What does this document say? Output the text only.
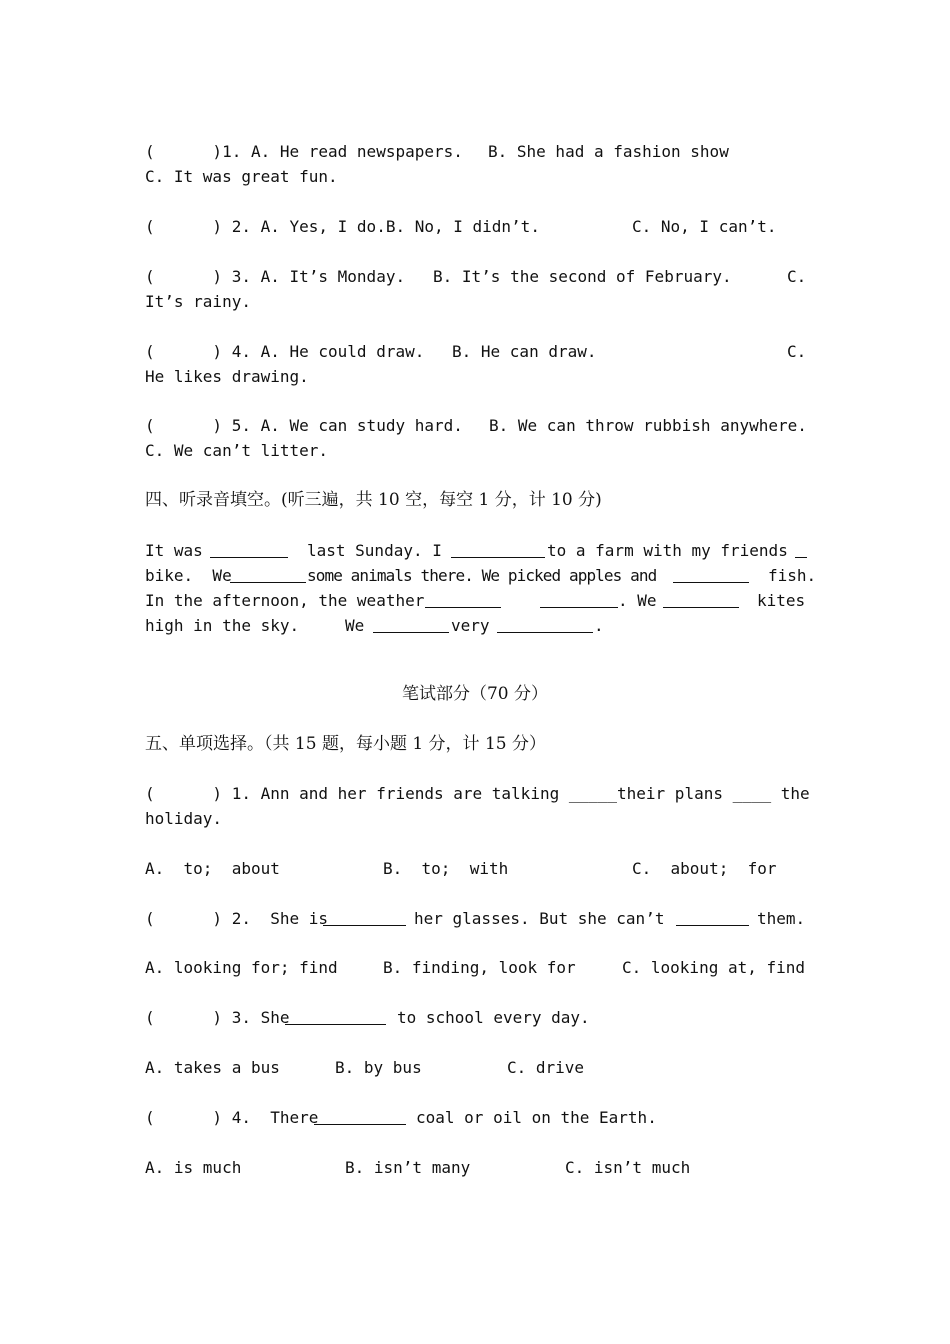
(      )1. A. He read newspapers. B. She had a fashion show
C. It was great fun.
(      ) 2. A. Yes, I do.B. No, I didn’t.	C. No, I can’t.
(      ) 3. A. It’s Monday. B. It’s the second of February.	C.
It’s rainy.
(      ) 4. A. He could draw. B. He can draw.	C.
He likes drawing.
(      ) 5. A. We can study hard. B. We can throw rubbish anywhere.
C. We can’t litter.
四、听录音填空。(听三遍，共 10 空，每空 1 分，计 10 分)
It was	last Sunday. I	to a farm with my friends
bike.  We	some animals there. We picked apples and	fish.
In the afternoon, the weather	. We	kites
high in the sky.	We	very	.
笔试部分（70 分）
五、单项选择。（共 15 题，每小题 1 分，计 15 分）
(      ) 1. Ann and her friends are talking _____their plans ____ the
holiday.
A.  to;  about	B.  to;  with	C.  about;  for
(      ) 2.  She is	her glasses. But she can’t	them.
A. looking for; find	B. finding, look for	C. looking at, find
(      ) 3. She	to school every day.
A. takes a bus	B. by bus	C. drive
(      ) 4.  There	coal or oil on the Earth.
A. is much	B. isn’t many	C. isn’t much
